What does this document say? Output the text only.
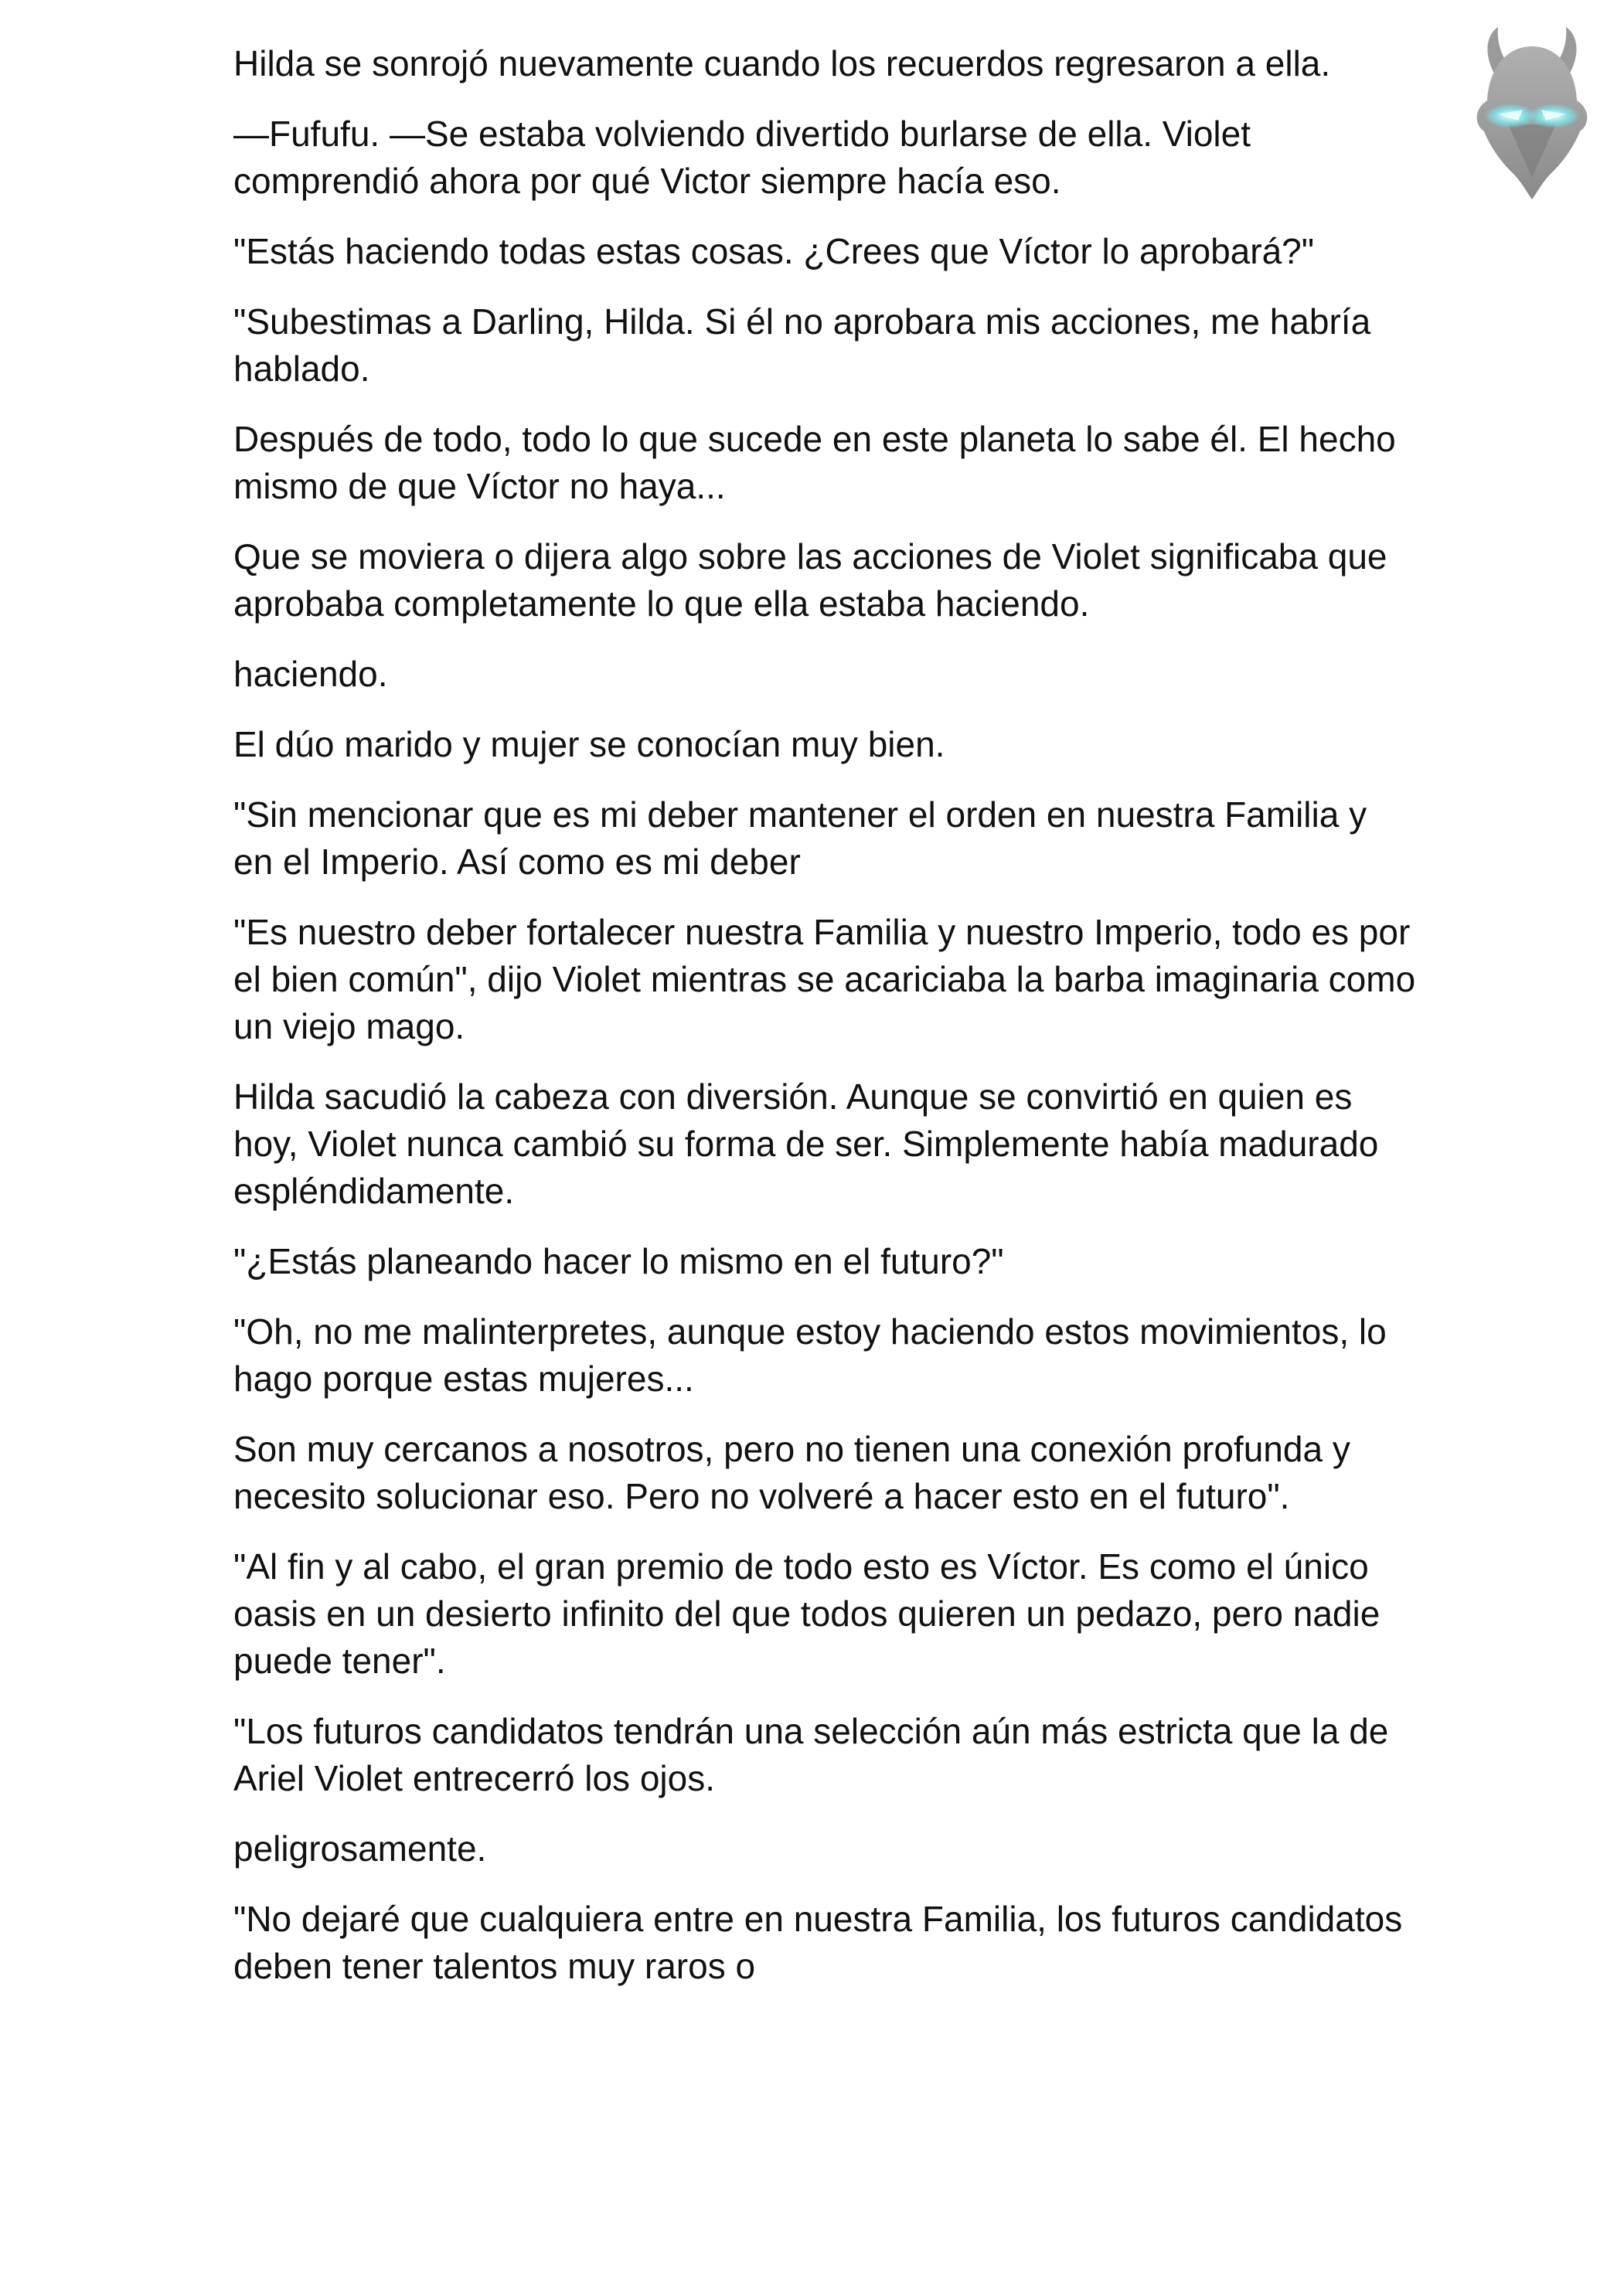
Hilda se sonrojó nuevamente cuando los recuerdos regresaron a ella.

—Fufufu. —Se estaba volviendo divertido burlarse de ella. Violet comprendió ahora por qué Victor siempre hacía eso.

"Estás haciendo todas estas cosas. ¿Crees que Víctor lo aprobará?"

"Subestimas a Darling, Hilda. Si él no aprobara mis acciones, me habría hablado.

Después de todo, todo lo que sucede en este planeta lo sabe él. El hecho mismo de que Víctor no haya...

Que se moviera o dijera algo sobre las acciones de Violet significaba que aprobaba completamente lo que ella estaba haciendo.

haciendo.

El dúo marido y mujer se conocían muy bien.

"Sin mencionar que es mi deber mantener el orden en nuestra Familia y en el Imperio. Así como es mi deber

"Es nuestro deber fortalecer nuestra Familia y nuestro Imperio, todo es por el bien común", dijo Violet mientras se acariciaba la barba imaginaria como un viejo mago.

Hilda sacudió la cabeza con diversión. Aunque se convirtió en quien es hoy, Violet nunca cambió su forma de ser. Simplemente había madurado espléndidamente.

"¿Estás planeando hacer lo mismo en el futuro?"

"Oh, no me malinterpretes, aunque estoy haciendo estos movimientos, lo hago porque estas mujeres...

Son muy cercanos a nosotros, pero no tienen una conexión profunda y necesito solucionar eso. Pero no volveré a hacer esto en el futuro".

"Al fin y al cabo, el gran premio de todo esto es Víctor. Es como el único oasis en un desierto infinito del que todos quieren un pedazo, pero nadie puede tener".

"Los futuros candidatos tendrán una selección aún más estricta que la de Ariel Violet entrecerró los ojos.

peligrosamente.

"No dejaré que cualquiera entre en nuestra Familia, los futuros candidatos deben tener talentos muy raros o
